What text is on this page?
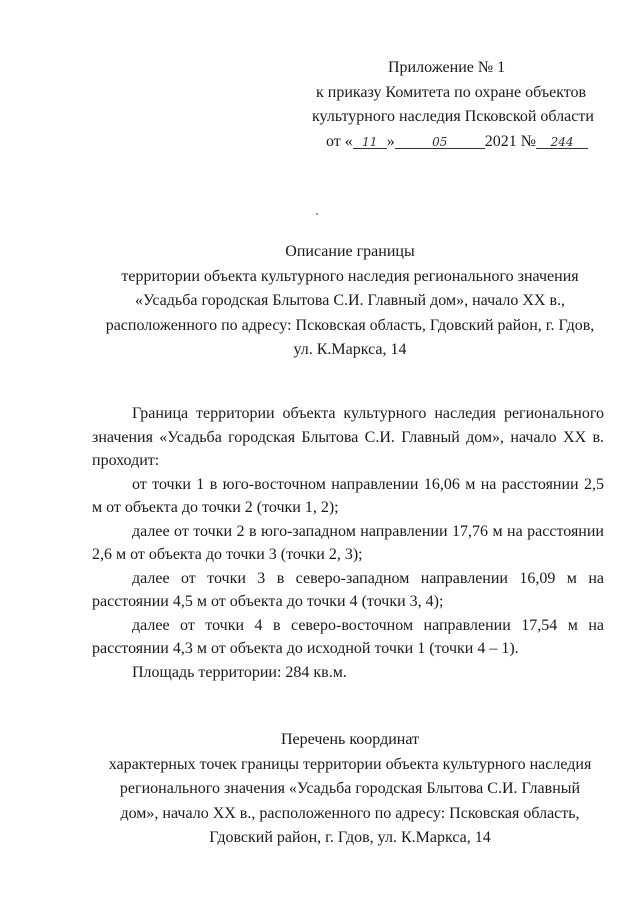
Приложение № 1
к приказу Комитета по охране объектов
культурного наследия Псковской области
от « 11 »	05 2021 № 244
Описание границы
территории объекта культурного наследия регионального значения
«Усадьба городская Блытова С.И. Главный дом», начало XX в.,
расположенного по адресу: Псковская область, Гдовский район, г. Гдов,
ул. К.Маркса, 14

Граница территории объекта культурного наследия регионального значения «Усадьба городская Блытова С.И. Главный дом», начало XX в. проходит:

от точки 1 в юго-восточном направлении 16,06 м на расстоянии 2,5 м от объекта до точки 2 (точки 1, 2);

далее от точки 2 в юго-западном направлении 17,76 м на расстоянии 2,6 м от объекта до точки 3 (точки 2, 3);

далее от точки 3 в северо-западном направлении 16,09 м на расстоянии 4,5 м от объекта до точки 4 (точки 3, 4);

далее от точки 4 в северо-восточном направлении 17,54 м на расстоянии 4,3 м от объекта до исходной точки 1 (точки 4 – 1).

Площадь территории: 284 кв.м.

Перечень координат
характерных точек границы территории объекта культурного наследия
регионального значения «Усадьба городская Блытова С.И. Главный
дом», начало XX в., расположенного по адресу: Псковская область,
Гдовский район, г. Гдов, ул. К.Маркса, 14
